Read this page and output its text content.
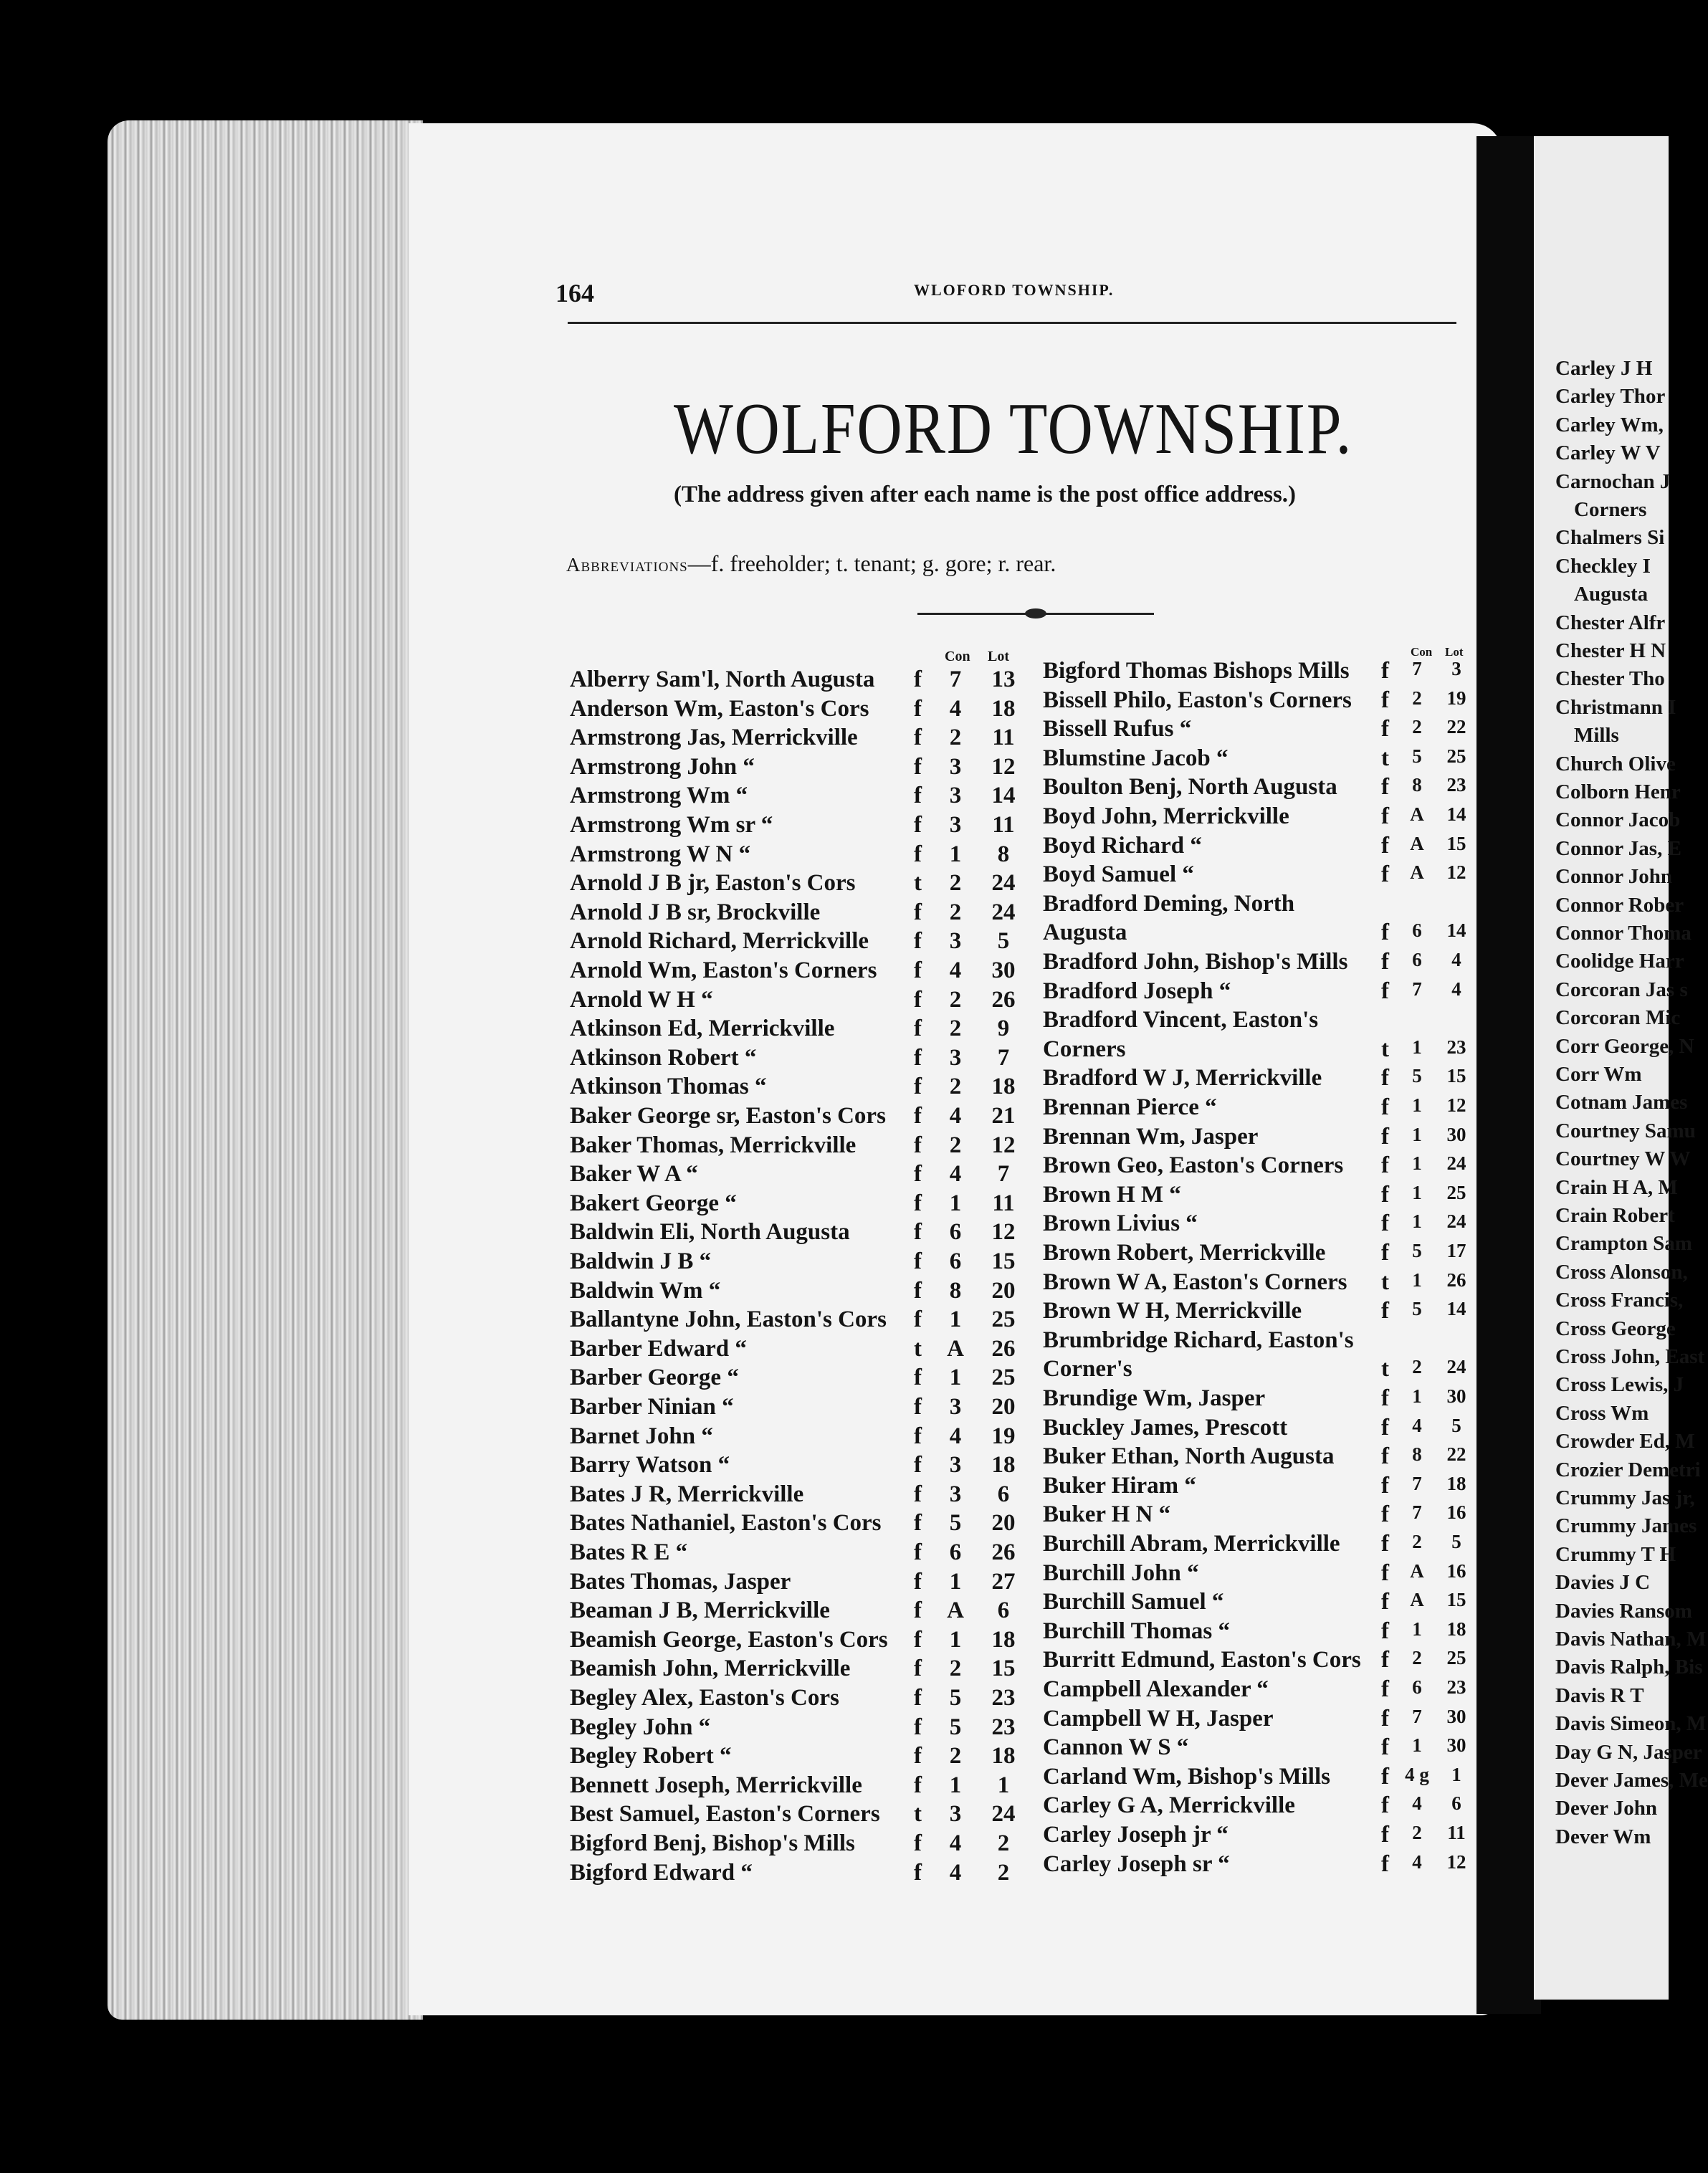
Carley J H
Carley Thor
Carley Wm,
Carley W V
Carnochan J
Corners
Chalmers Si
Checkley I
Augusta
Chester Alfr
Chester H N
Chester Tho
Christmann I
Mills
Church Olive
Colborn Henr
Connor Jacob
Connor Jas, E
Connor John
Connor Rober
Connor Thoma
Coolidge Harr
Corcoran Jas s
Corcoran Mic
Corr George, N
Corr Wm
Cotnam James
Courtney Samu
Courtney W W
Crain H A, M
Crain Robert
Crampton Sam
Cross Alonson,
Cross Francis,
Cross George
Cross John, East
Cross Lewis, J
Cross Wm
Crowder Ed, M
Crozier Demetri
Crummy Jas jr,
Crummy James
Crummy T H
Davies J C
Davies Ransom
Davis Nathan, M
Davis Ralph, Bis
Davis R T
Davis Simeon, M
Day G N, Jasper
Dever James, Me
Dever John
Dever Wm
164	WLOFORD TOWNSHIP.
WOLFORD TOWNSHIP.
(The address given after each name is the post office address.)
Abbreviations—f. freeholder; t. tenant; g. gore; r. rear.
Con Lot	Con Lot
Alberry Sam'l, North Augusta f	7	13
Anderson Wm, Easton's Cors f	4	18
Armstrong Jas, Merrickville f	2	11
Armstrong John “	f	3	12
Armstrong Wm “	f	3	14
Armstrong Wm sr “	f	3	11
Armstrong W N “	f	1	8
Arnold J B jr, Easton's Cors t	2	24
Arnold J B sr, Brockville	f	2	24
Arnold Richard, Merrickville f	3	5
Arnold Wm, Easton's Corners f	4	30
Arnold W H “	f	2	26
Atkinson Ed, Merrickville	f	2	9
Atkinson Robert “	f	3	7
Atkinson Thomas “	f	2	18
Baker George sr, Easton's Cors f	4	21
Baker Thomas, Merrickville f	2	12
Baker W A “	f	4	7
Bakert George “	f	1	11
Baldwin Eli, North Augusta	f	6	12
Baldwin J B “	f	6	15
Baldwin Wm “	f	8	20
Ballantyne John, Easton's Cors f	1	25
Barber Edward “	t	A	26
Barber George “	f	1	25
Barber Ninian “	f	3	20
Barnet John “	f	4	19
Barry Watson “	f	3	18
Bates J R, Merrickville	f	3	6
Bates Nathaniel, Easton's Cors f	5	20
Bates R E “	f	6	26
Bates Thomas, Jasper	f	1	27
Beaman J B, Merrickville	f	A	6
Beamish George, Easton's Cors f	1	18
Beamish John, Merrickville	f	2	15
Begley Alex, Easton's Cors	f	5	23
Begley John “	f	5	23
Begley Robert “	f	2	18
Bennett Joseph, Merrickville f	1	1
Best Samuel, Easton's Corners t	3	24
Bigford Benj, Bishop's Mills f	4	2
Bigford Edward “	f	4	2
Bigford Thomas Bishops Mills f	7	3
Bissell Philo, Easton's Corners f	2	19
Bissell Rufus “	f	2	22
Blumstine Jacob “	t	5	25
Boulton Benj, North Augusta f	8	23
Boyd John, Merrickville	f	A	14
Boyd Richard “	f	A	15
Boyd Samuel “	f	A	12
Bradford Deming, North
Augusta	f	6	14
Bradford John, Bishop's Mills f	6	4
Bradford Joseph “	f	7	4
Bradford Vincent, Easton's
Corners	t	1	23
Bradford W J, Merrickville	f	5	15
Brennan Pierce “	f	1	12
Brennan Wm, Jasper	f	1	30
Brown Geo, Easton's Corners f	1	24
Brown H M “	f	1	25
Brown Livius “	f	1	24
Brown Robert, Merrickville f	5	17
Brown W A, Easton's Corners t	1	26
Brown W H, Merrickville	f	5	14
Brumbridge Richard, Easton's
Corner's	t	2	24
Brundige Wm, Jasper	f	1	30
Buckley James, Prescott	f	4	5
Buker Ethan, North Augusta f	8	22
Buker Hiram “	f	7	18
Buker H N “	f	7	16
Burchill Abram, Merrickville f	2	5
Burchill John “	f	A	16
Burchill Samuel “	f	A	15
Burchill Thomas “	f	1	18
Burritt Edmund, Easton's Cors f	2	25
Campbell Alexander “	f	6	23
Campbell W H, Jasper	f	7	30
Cannon W S “	f	1	30
Carland Wm, Bishop's Mills f 4 g	1
Carley G A, Merrickville	f	4	6
Carley Joseph jr “	f	2	11
Carley Joseph sr “	f	4	12
